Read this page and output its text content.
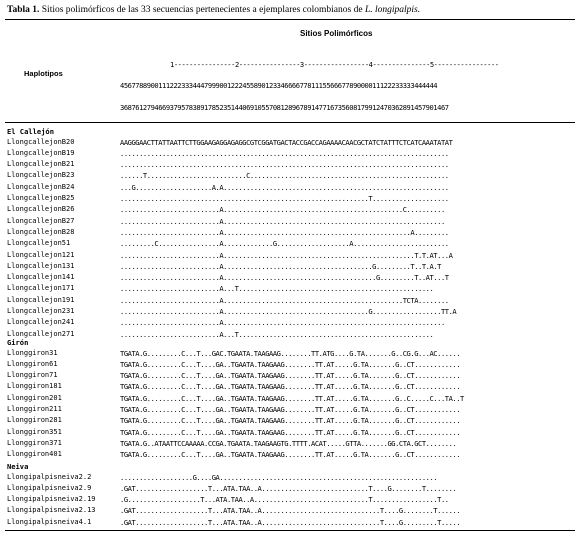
Tabla 1. Sitios polimórficos de las 33 secuencias pertenecientes a ejemplares colombianos de L. longipalpis.
Sitios Polimórficos
Haplotipos
1----------------2----------------3-----------------4---------------5-----------------
45677889001112223334447999001222455890123346666778111556667789000011122233333444444
36876127946693795783891785235144069105570812896789147716735608179912470362891457901467
El Callejón
LlongcallejonB20	AAGGGAACTTATTAATTCTTGGAAGAGGAGAGGCGTCGGATGACTACCGACCAGAAAACAACGCTATCTATTTCTCATCAAATATAT
LlongcallejonB19	......................................................................................
LlongcallejonB21	......................................................................................
LlongcallejonB23	......T..........................C....................................................
LlongcallejonB24	...G....................A.A...........................................................
LlongcallejonB25	.................................................................T....................
LlongcallejonB26	..........................A...............................................C..........
LlongcallejonB27	..........................A..........................................................
LlongcallejonB28	..........................A.................................................A.........
Llongcallejon51	.........C................A.............G...................A.........................
Llongcallejon121	..........................A..................................................T.T.AT...A
Llongcallejon131	..........................A.......................................G.........T..T.A.T
Llongcallejon141	..........................A........................................G.........T..AT...T
Llongcallejon171	..........................A...T...................................................
Llongcallejon191	..........................A...............................................TCTA........
Llongcallejon231	..........................A......................................G..................TT.A
Llongcallejon241	..........................A..........................................................
Llongcallejon271	..........................A...T...................................................
Girón
Llonggiron31	TGATA.G.........C...T...GAC.TGAATA.TAAGAAG........TT.ATG....G.TA.......G..CG.G...AC......
Llonggiron61	TGATA.G.........C...T....GA..TGAATA.TAAGAAG........TT.AT.....G.TA.......G..CT............
Llonggiron71	TGATA.G.........C...T....GA..TGAATA.TAAGAAG........TT.AT.....G.TA.......G..CT............
Llonggiron181	TGATA.G.........C...T....GA..TGAATA.TAAGAAG........TT.AT.....G.TA.......G..CT............
Llonggiron201	TGATA.G.........C...T....GA..TGAATA.TAAGAAG........TT.AT.....G.TA.......G..C.....C...TA..T
Llonggiron211	TGATA.G.........C...T....GA..TGAATA.TAAGAAG........TT.AT.....G.TA.......G..CT............
Llonggiron281	TGATA.G.........C...T....GA..TGAATA.TAAGAAG........TT.AT.....G.TA.......G..CT............
Llonggiron351	TGATA.G.........C...T....GA..TGAATA.TAAGAAG........TT.AT.....G.TA.......G..CT............
Llonggiron371	TGATA.G..ATAATTCCAAAAA.CCGA.TGAATA.TAAGAAGTG.TTTT.ACAT.....GTTA.......GG.CTA.GCT........
Llonggiron401	TGATA.G.........C...T....GA..TGAATA.TAAGAAG........TT.AT.....G.TA.......G..CT............
Neiva
Llongipalpisneiva2.2	...................G....GA.........................................................
Llongipalpisneiva2.9	.GAT...................T...ATA.TAA..A............................T....G........T........
Llongipalpisneiva2.19	.G...................T...ATA.TAA..A..............................T.................T..
Llongipalpisneiva2.13	.GAT...................T...ATA.TAA..A...............................T....G........T......
Llongipalpisneiva4.1	.GAT...................T...ATA.TAA..A...............................T....G.........T.....
